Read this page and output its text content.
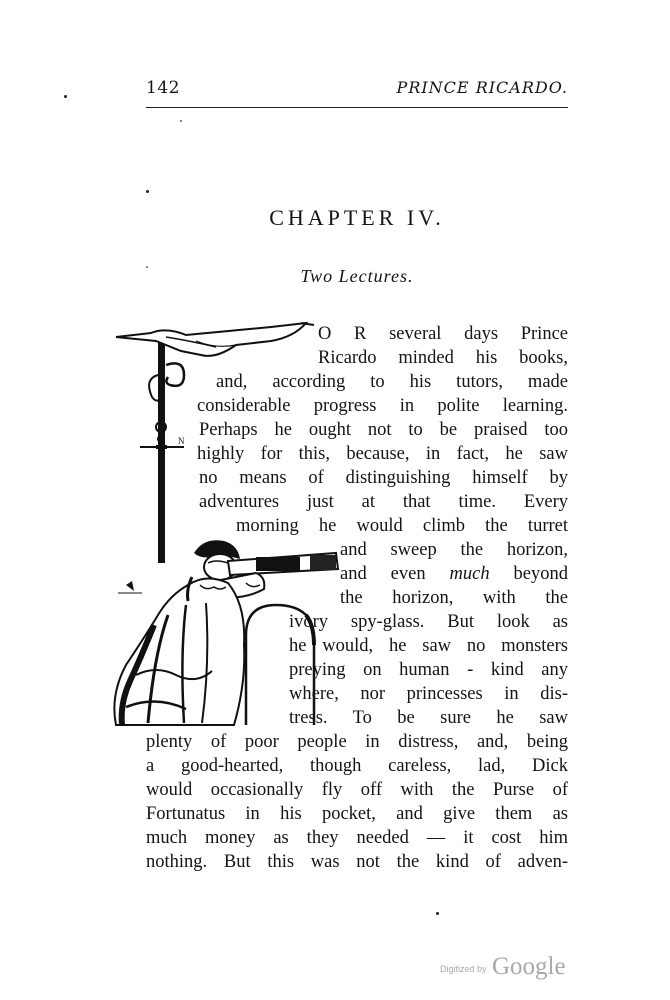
142	PRINCE RICARDO.
CHAPTER IV.
Two Lectures.
N
O R several days Prince
Ricardo minded his books,
and, according to his tutors, made
considerable progress in polite learning.
Perhaps he ought not to be praised too
highly for this, because, in fact, he saw
no means of distinguishing himself by
adventures just at that time. Every
morning he would climb the turret
and sweep the horizon,
and even much beyond
the horizon, with the
ivory spy-glass. But look as
he would, he saw no monsters
preying on human - kind any
where, nor princesses in dis-
tress. To be sure he saw
plenty of poor people in distress, and, being
a good-hearted, though careless, lad, Dick
would occasionally fly off with the Purse of
Fortunatus in his pocket, and give them as
much money as they needed — it cost him
nothing. But this was not the kind of adven-
Digitized by Google
